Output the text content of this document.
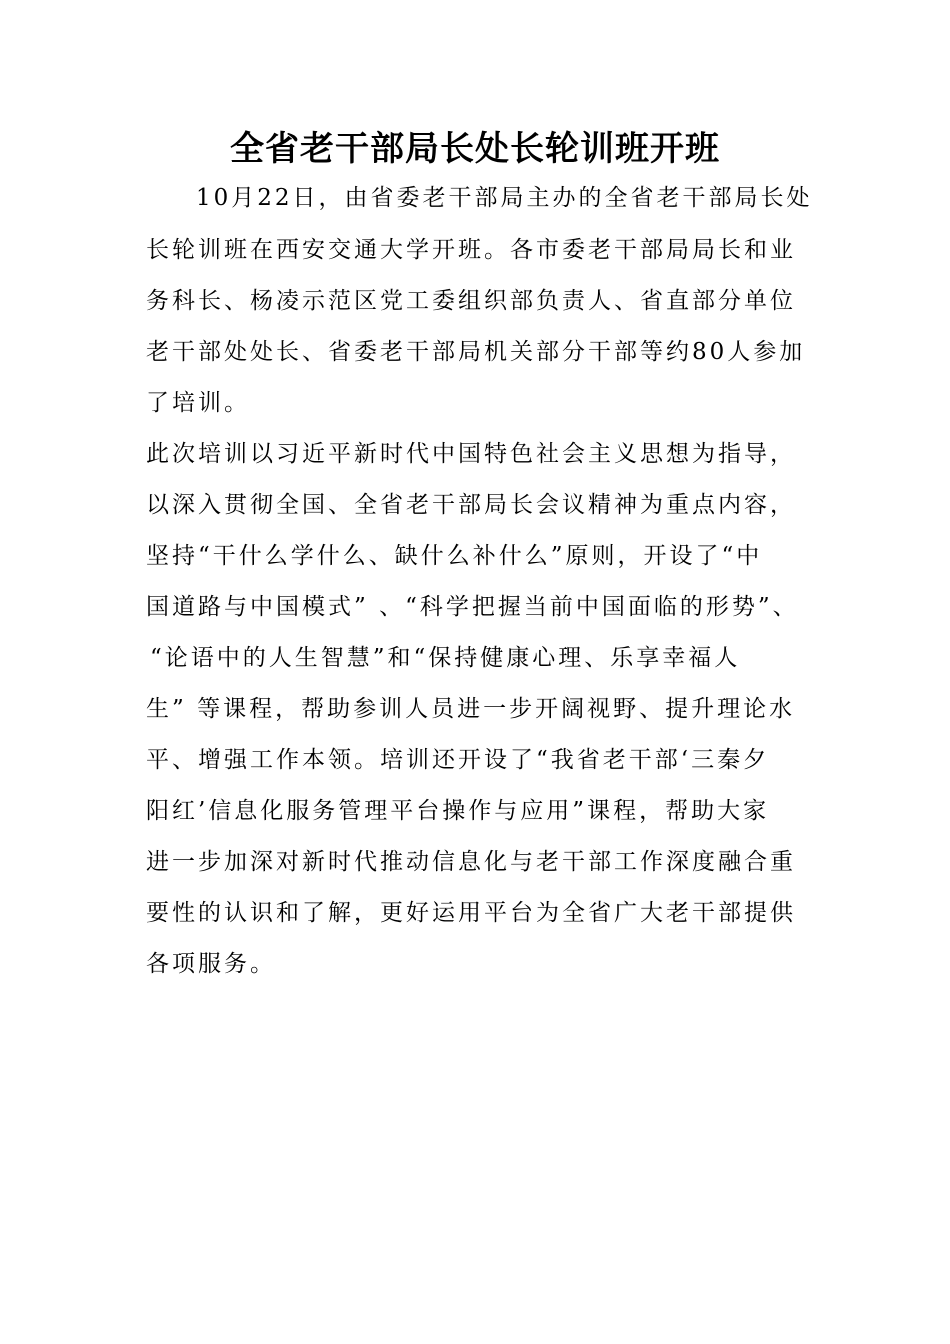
全省老干部局长处长轮训班开班
10月22日，由省委老干部局主办的全省老干部局长处
长轮训班在西安交通大学开班。各市委老干部局局长和业
务科长、杨凌示范区党工委组织部负责人、省直部分单位
老干部处处长、省委老干部局机关部分干部等约80人参加
了培训。
此次培训以习近平新时代中国特色社会主义思想为指导，
以深入贯彻全国、全省老干部局长会议精神为重点内容，
坚持“干什么学什么、缺什么补什么”原则，开设了“中
国道路与中国模式” 、“科学把握当前中国面临的形势”、
“论语中的人生智慧”和“保持健康心理、乐享幸福人
生” 等课程，帮助参训人员进一步开阔视野、提升理论水
平、增强工作本领。培训还开设了“我省老干部‘三秦夕
阳红’信息化服务管理平台操作与应用”课程，帮助大家
进一步加深对新时代推动信息化与老干部工作深度融合重
要性的认识和了解，更好运用平台为全省广大老干部提供
各项服务。
